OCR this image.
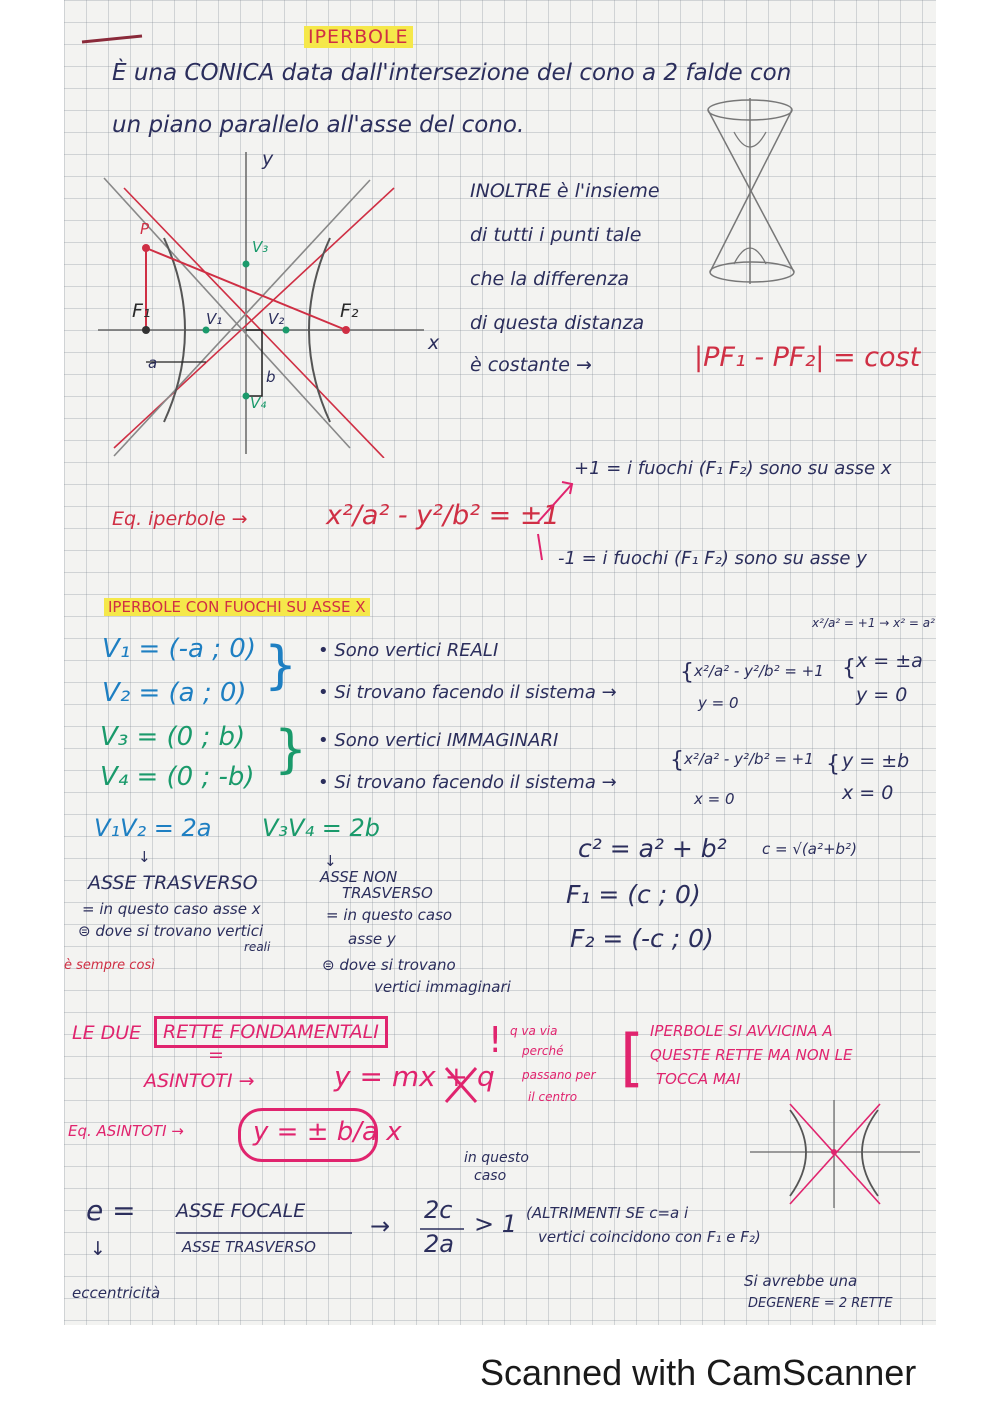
IPERBOLE
È una CONICA data dall'intersezione del cono a 2 falde con
un piano parallelo all'asse del cono.
y
x
P
F₁	F₂
V₁	V₂
V₃
V₄
a
b
INOLTRE è l'insieme
di tutti i punti tale
che la differenza
di questa distanza
è costante →	|PF₁ - PF₂| = cost
Eq. iperbole →	x²/a² - y²/b² = ±1
+1 = i fuochi (F₁ F₂) sono su asse x
-1 = i fuochi (F₁ F₂) sono su asse y
IPERBOLE CON FUOCHI SU ASSE X
x²/a² = +1 → x² = a²
V₁ = (-a ; 0)
V₂ = (a ; 0) }
V₃ = (0 ; b)
V₄ = (0 ; -b) }
• Sono vertici REALI
• Si trovano facendo il sistema →
{ x²/a² - y²/b² = +1
y = 0
{ x = ±a
y = 0
• Sono vertici IMMAGINARI
• Si trovano facendo il sistema →
{ x²/a² - y²/b² = +1
x = 0
{ y = ±b
x = 0
V₁V₂ = 2a V₃V₄ = 2b
c² = a² + b² c = √(a²+b²)
F₁ = (c ; 0)
F₂ = (-c ; 0)
↓	↓
ASSE TRASVERSO
= in questo caso asse x
⊜ dove si trovano vertici
reali
è sempre così
ASSE NON
TRASVERSO
= in questo caso
asse y
⊜ dove si trovano
vertici immaginari
LE DUE	RETTE FONDAMENTALI
=
ASINTOTI →	y = mx + q
! q va via
perché
passano per
il centro
[ IPERBOLE SI AVVICINA A
QUESTE RETTE MA NON LE
TOCCA MAI
Eq. ASINTOTI →	y = ± b/a x
in questo
caso
e = ASSE FOCALE
ASSE TRASVERSO
→
2c
2a
> 1 (ALTRIMENTI SE c=a i
vertici coincidono con F₁ e F₂)
↓
eccentricità
Si avrebbe una
DEGENERE = 2 RETTE
Scanned with CamScanner
